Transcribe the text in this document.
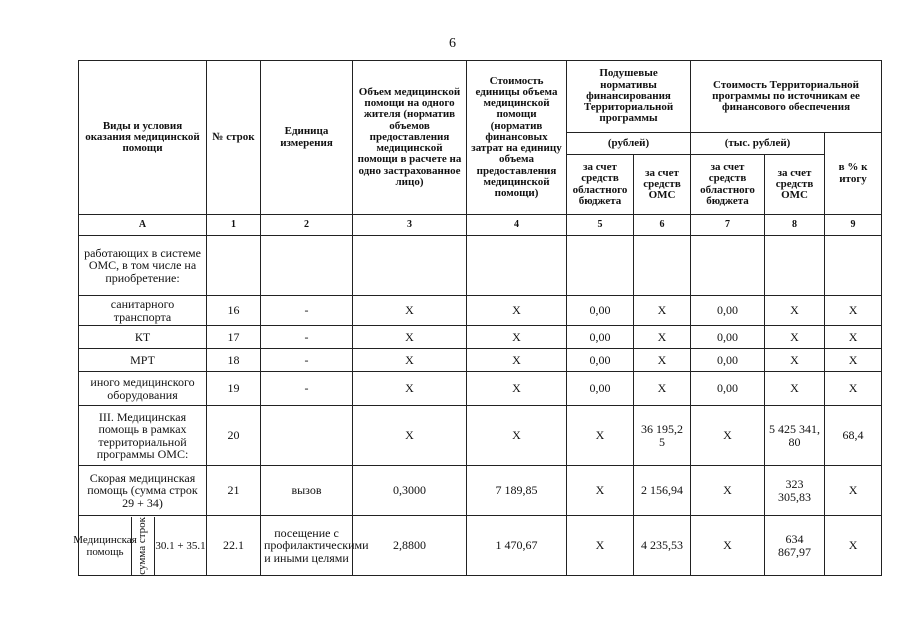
6
Виды и условия оказания медицинской помощи	№ строк	Единица измерения	Объем медицинской помощи на одного жителя (норматив объемов предоставления медицинской помощи в расчете на одно застрахованное лицо)	Стоимость единицы объема медицинской помощи (норматив финансовых затрат на единицу объема предоставления медицинской помощи)	Подушевые нормативы финансирования Территориальной программы		Стоимость Территориальной программы по источникам ее финансового обеспечения		
					(рублей)		(тыс. рублей)		в % к итогу
					за счет средств областного бюджета	за счет средств ОМС	за счет средств областного бюджета	за счет средств ОМС	
А	1	2	3	4	5	6	7	8	9
работающих в системе ОМС, в том числе на приобретение:									
санитарного транспорта	16	-	X	X	0,00	X	0,00	X	X
КТ	17	-	X	X	0,00	X	0,00	X	X
МРТ	18	-	X	X	0,00	X	0,00	X	X
иного медицинского оборудования	19	-	X	X	0,00	X	0,00	X	X
III. Медицинская помощь в рамках территориальной программы ОМС:	20		X	X	X	36 195,2 5	X	5 425 341, 80	68,4
Скорая медицинская помощь (сумма строк 29 + 34)	21	вызов	0,3000	7 189,85	X	2 156,94	X	323 305,83	X

Медицинская помощь сумма строк 30.1 + 35.1	22.1	посещение с профилактическими и иными целями	2,8800	1 470,67	X	4 235,53	X	634 867,97	X
